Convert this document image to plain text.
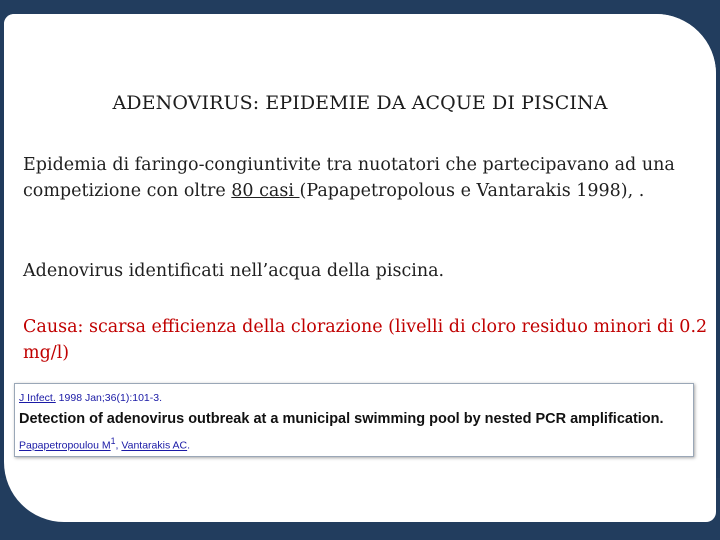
ADENOVIRUS: EPIDEMIE DA ACQUE DI PISCINA
Epidemia di faringo-congiuntivite tra nuotatori che partecipavano ad una competizione con oltre 80 casi (Papapetropolous e Vantarakis 1998), .
Adenovirus identificati nell’acqua della piscina.
Causa: scarsa efficienza della clorazione (livelli di cloro residuo minori di 0.2 mg/l)
J Infect. 1998 Jan;36(1):101-3.
Detection of adenovirus outbreak at a municipal swimming pool by nested PCR amplification.
Papapetropoulou $M^1$, Vantarakis AC.
